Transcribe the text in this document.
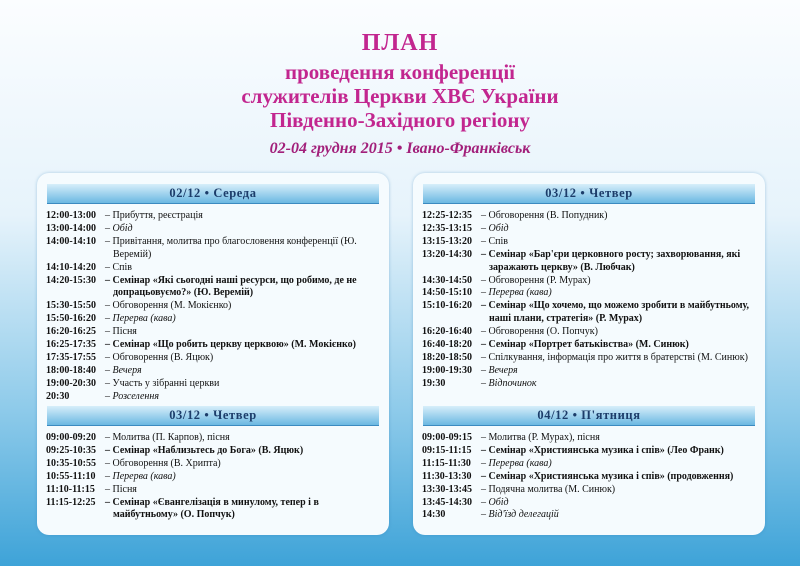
ПЛАН
проведення конференції
служителів Церкви ХВЄ України
Південно-Західного регіону
02-04 грудня 2015 • Івано-Франківськ
02/12 • Середа
12:00-13:00 – Прибуття, реєстрація
13:00-14:00 – Обід
14:00-14:10 – Привітання, молитва про благословення конференції (Ю. Веремій)
14:10-14:20 – Спів
14:20-15:30 – Семінар «Які сьогодні наші ресурси, що робимо, де не допрацьовуємо?» (Ю. Веремій)
15:30-15:50 – Обговорення (М. Мокієнко)
15:50-16:20 – Перерва (кава)
16:20-16:25 – Пісня
16:25-17:35 – Семінар «Що робить церкву церквою» (М. Мокієнко)
17:35-17:55 – Обговорення (В. Яцюк)
18:00-18:40 – Вечеря
19:00-20:30 – Участь у зібранні церкви
20:30	– Розселення
03/12 • Четвер
09:00-09:20 – Молитва (П. Карпов), пісня
09:25-10:35 – Семінар «Наблизьтесь до Бога» (В. Яцюк)
10:35-10:55 – Обговорення (В. Хрипта)
10:55-11:10 – Перерва (кава)
11:10-11:15	– Пісня
11:15-12:25 – Семінар «Євангелізація в минулому, тепер і в майбутньому» (О. Попчук)
03/12 • Четвер
12:25-12:35 – Обговорення (В. Попудник)
12:35-13:15 – Обід
13:15-13:20 – Спів
13:20-14:30 – Семінар «Бар'єри церковного росту; захворювання, які заражають церкву» (В. Любчак)
14:30-14:50 – Обговорення (Р. Мурах)
14:50-15:10 – Перерва (кава)
15:10-16:20 – Семінар «Що хочемо, що можемо зробити в майбутньому, наші плани, стратегія» (Р. Мурах)
16:20-16:40 – Обговорення (О. Попчук)
16:40-18:20 – Семінар «Портрет батьківства» (М. Синюк)
18:20-18:50 – Спілкування, інформація про життя в братерстві (М. Синюк)
19:00-19:30 – Вечеря
19:30	– Відпочинок
04/12 • П'ятниця
09:00-09:15 – Молитва (Р. Мурах), пісня
09:15-11:15 – Семінар «Християнська музика і спів» (Лео Франк)
11:15-11:30	– Перерва (кава)
11:30-13:30 – Семінар «Християнська музика і спів» (продовження)
13:30-13:45 – Подячна молитва (М. Синюк)
13:45-14:30 – Обід
14:30	– Від'їзд делегацій
